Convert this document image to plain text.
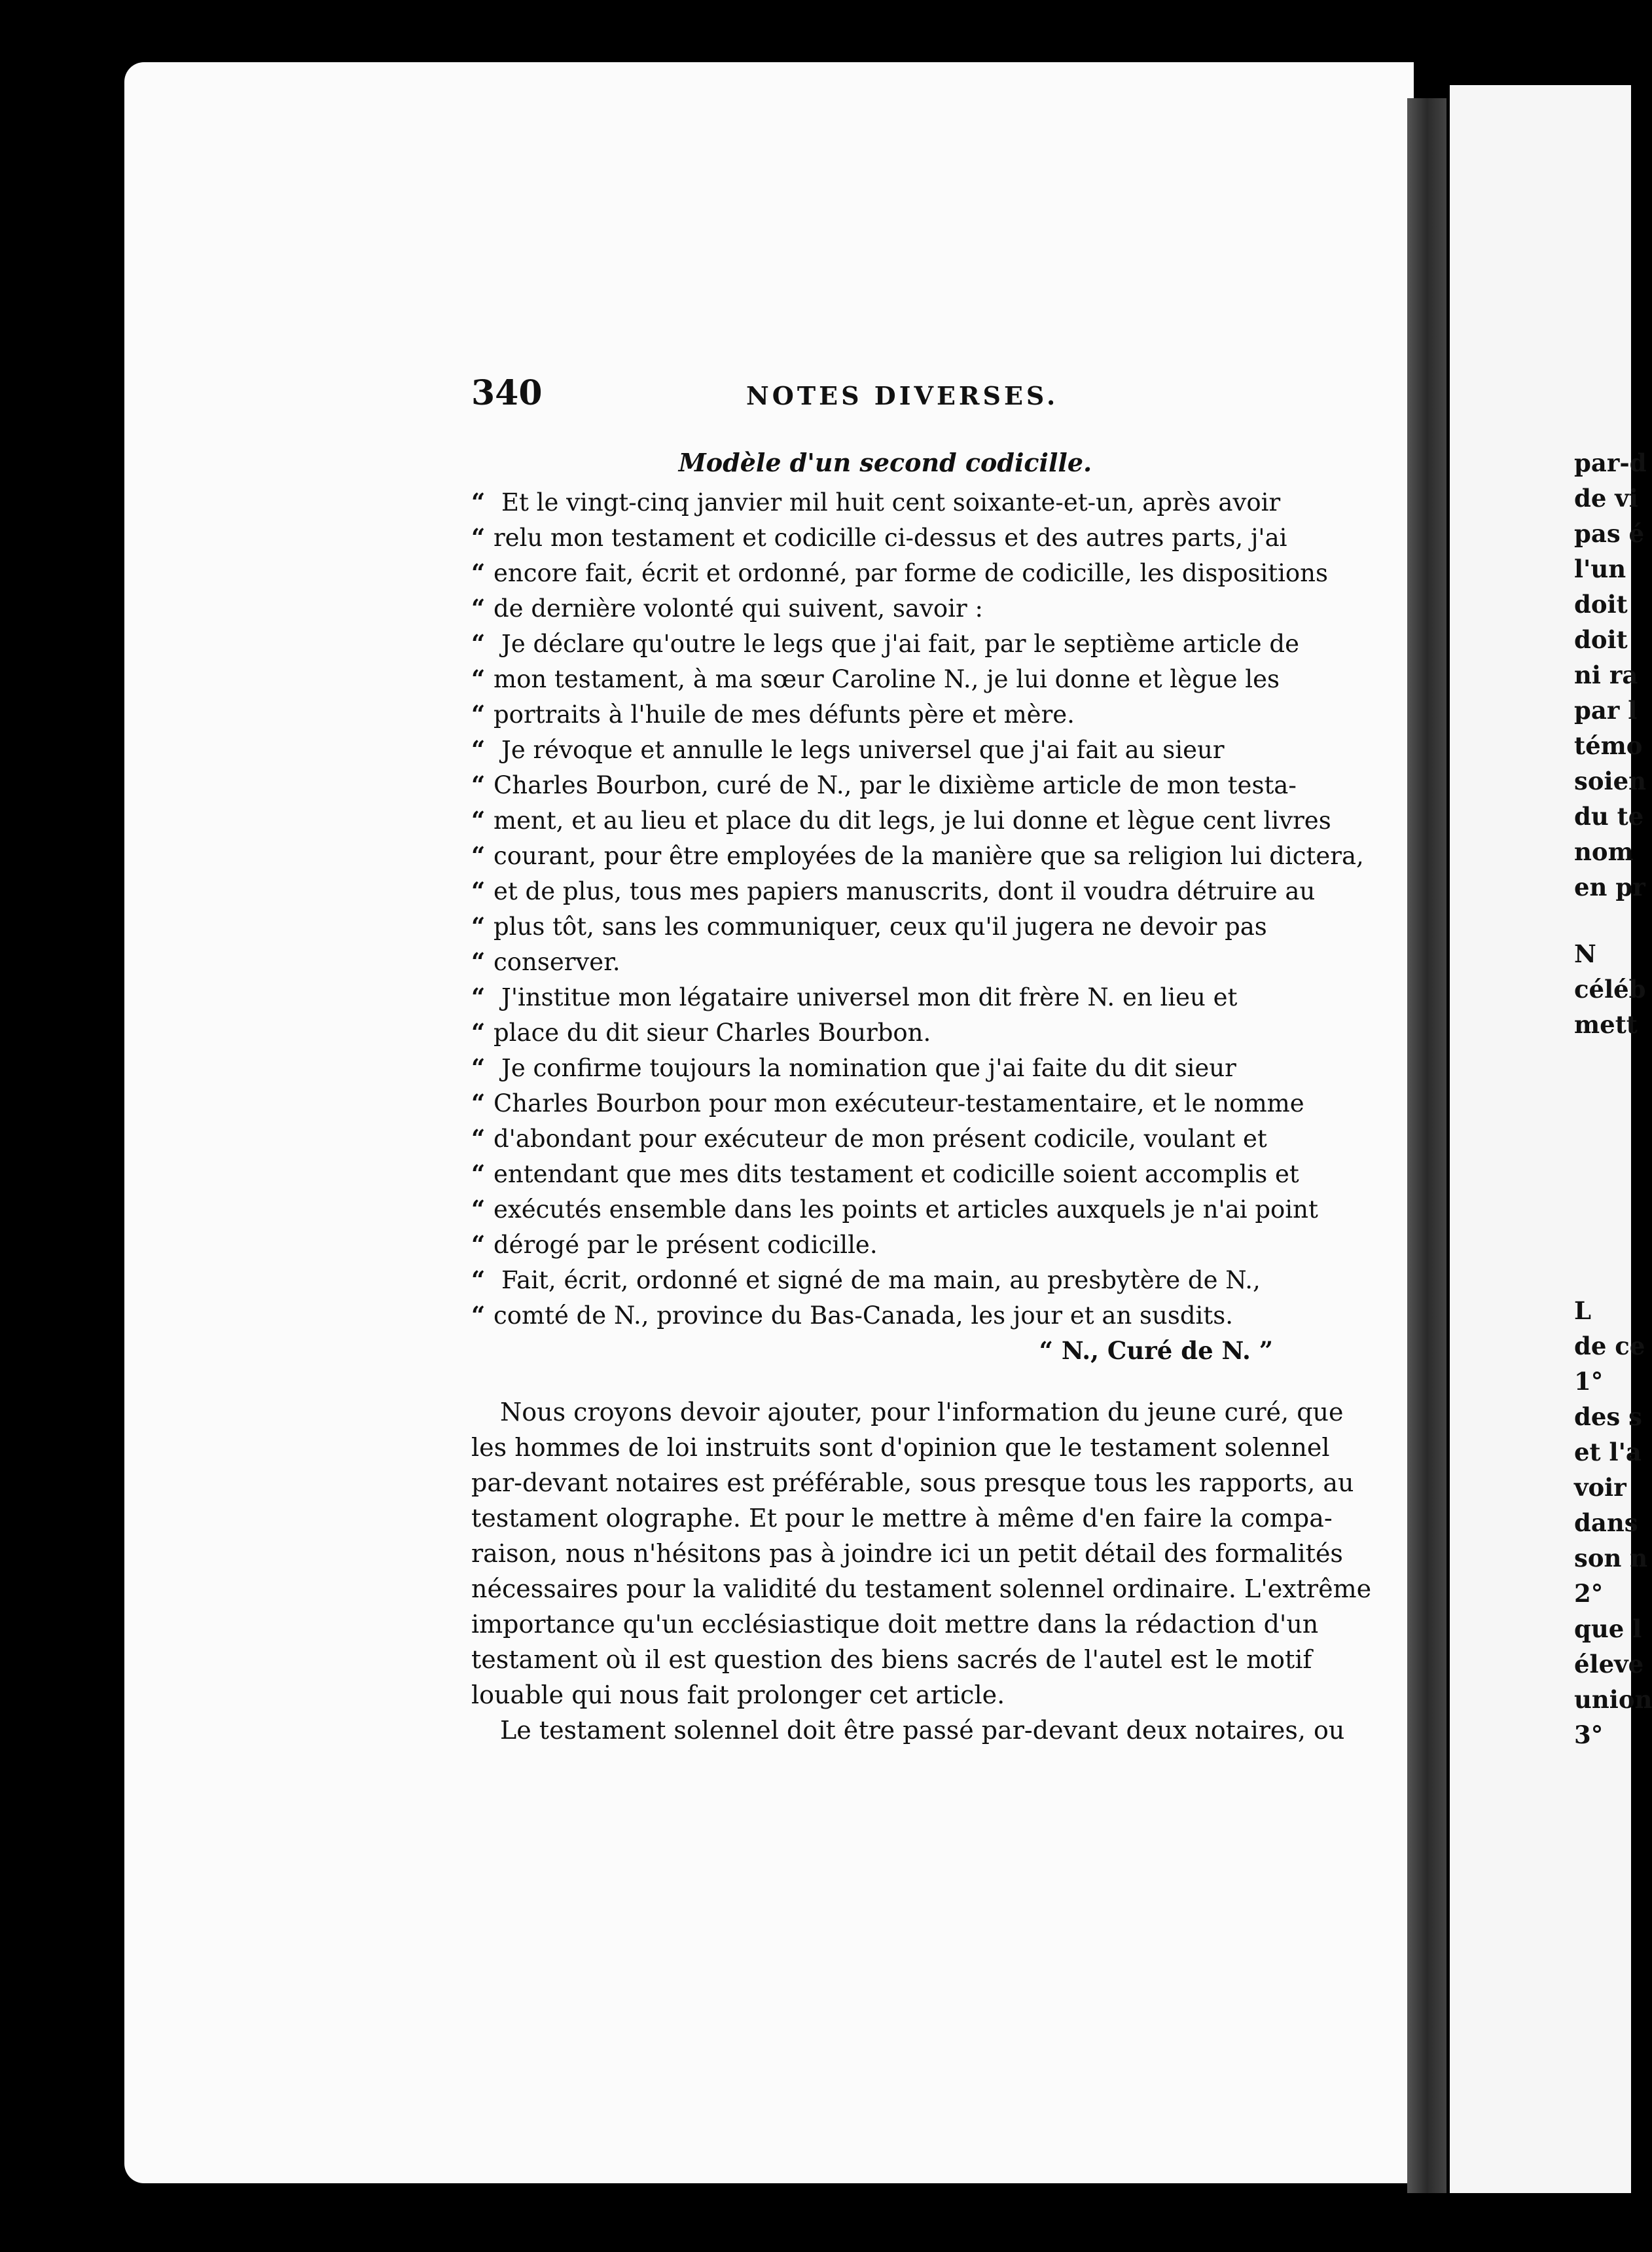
340	NOTES DIVERSES.
Modèle d'un second codicille.
“ Et le vingt-cinq janvier mil huit cent soixante-et-un, après avoir
“ relu mon testament et codicille ci-dessus et des autres parts, j'ai
“ encore fait, écrit et ordonné, par forme de codicille, les dispositions
“ de dernière volonté qui suivent, savoir :
“ Je déclare qu'outre le legs que j'ai fait, par le septième article de
“ mon testament, à ma sœur Caroline N., je lui donne et lègue les
“ portraits à l'huile de mes défunts père et mère.
“ Je révoque et annulle le legs universel que j'ai fait au sieur
“ Charles Bourbon, curé de N., par le dixième article de mon testa-
“ ment, et au lieu et place du dit legs, je lui donne et lègue cent livres
“ courant, pour être employées de la manière que sa religion lui dictera,
“ et de plus, tous mes papiers manuscrits, dont il voudra détruire au
“ plus tôt, sans les communiquer, ceux qu'il jugera ne devoir pas
“ conserver.
“ J'institue mon légataire universel mon dit frère N. en lieu et
“ place du dit sieur Charles Bourbon.
“ Je confirme toujours la nomination que j'ai faite du dit sieur
“ Charles Bourbon pour mon exécuteur-testamentaire, et le nomme
“ d'abondant pour exécuteur de mon présent codicile, voulant et
“ entendant que mes dits testament et codicille soient accomplis et
“ exécutés ensemble dans les points et articles auxquels je n'ai point
“ dérogé par le présent codicille.
“ Fait, écrit, ordonné et signé de ma main, au presbytère de N.,
“ comté de N., province du Bas-Canada, les jour et an susdits.
“ N., Curé de N. ”
Nous croyons devoir ajouter, pour l'information du jeune curé, que
les hommes de loi instruits sont d'opinion que le testament solennel
par-devant notaires est préférable, sous presque tous les rapports, au
testament olographe. Et pour le mettre à même d'en faire la compa-
raison, nous n'hésitons pas à joindre ici un petit détail des formalités
nécessaires pour la validité du testament solennel ordinaire. L'extrême
importance qu'un ecclésiastique doit mettre dans la rédaction d'un
testament où il est question des biens sacrés de l'autel est le motif
louable qui nous fait prolonger cet article.
Le testament solennel doit être passé par-devant deux notaires, ou
par-d
de vi
pas é
l'un
doit
doit
ni ra
par l
témo
soien
du te
nom
en pr
N
céléb
mett
L
de ce
1°
des s
et l'a
voir
dans
son n
2°
que l
éleve
union
3°
